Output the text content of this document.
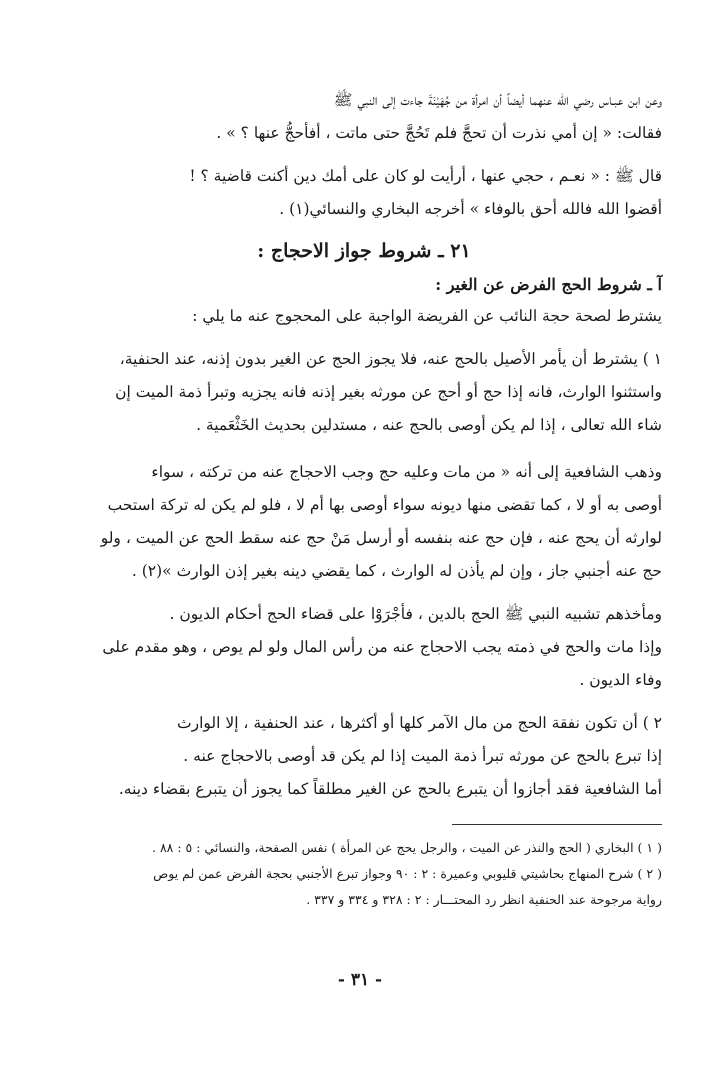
وعن ابن عبـاس رضي الله عنهما أيضاً أن امرأة من جُهَيْنَةَ جاءت إلى النبي ﷺ
فقالت: « إن أمي نذرت أن تحجَّ فلم تَحُجَّ حتى ماتت ، أفأحجُّ عنها ؟ » .
قال ﷺ : « نعـم ، حجي عنها ، أرأيت لو كان على أمك دين أكنت قاضية ؟ !
أقضوا الله فالله أحق بالوفاء » أخرجه البخاري والنسائي(١) .
٢١ ـ شروط جواز الاحجاج :
آ ـ شروط الحج الفرض عن الغير :
يشترط لصحة حجة النائب عن الفريضة الواجبة على المحجوج عنه ما يلي :
١ ) يشترط أن يأمر الأصيل بالحج عنه، فلا يجوز الحج عن الغير بدون إذنه، عند الحنفية،
واستثنوا الوارث، فانه إذا حج أو أحج عن مورثه بغير إذنه فانه يجزيه وتبرأ ذمة الميت إن
شاء الله تعالى ، إذا لم يكن أوصى بالحج عنه ، مستدلين بحديث الخَثْعَمية .
وذهب الشافعية إلى أنه « من مات وعليه حج وجب الاحجاج عنه من تركته ، سواء
أوصى به أو لا ، كما تقضى منها ديونه سواء أوصى بها أم لا ، فلو لم يكن له تركة استحب
لوارثه أن يحج عنه ، فإن حج عنه بنفسه أو أرسل مَنْ حج عنه سقط الحج عن الميت ، ولو
حج عنه أجنبي جاز ، وإن لم يأذن له الوارث ، كما يقضي دينه بغير إذن الوارث »(٢) .
ومأخذهم تشبيه النبي ﷺ الحج بالدين ، فأجْرَوْا على قضاء الحج أحكام الديون .
وإذا مات والحج في ذمته يجب الاحجاج عنه من رأس المال ولو لم يوص ، وهو مقدم على
وفاء الديون .
٢ ) أن تكون نفقة الحج من مال الآمر كلها أو أكثرها ، عند الحنفية ، إلا الوارث
إذا تبرع بالحج عن مورثه تبرأ ذمة الميت إذا لم يكن قد أوصى بالاحجاج عنه .
أما الشافعية فقد أجازوا أن يتبرع بالحج عن الغير مطلقاً كما يجوز أن يتبرع بقضاء دينه.
( ١ ) البخاري ( الحج والنذر عن الميت ، والرجل يحج عن المرأة ) نفس الصفحة، والنسائي : ٥ : ٨٨ .
( ٢ ) شرح المنهاج بحاشيتي قليوبي وعميرة : ٢ : ٩٠ وجواز تبرع الأجنبي بحجة الفرض عمن لم يوص
رواية مرجوحة عند الحنفية انظر رد المحتـــار : ٢ : ٣٢٨ و ٣٣٤ و ٣٣٧ .
- ٣١ -
